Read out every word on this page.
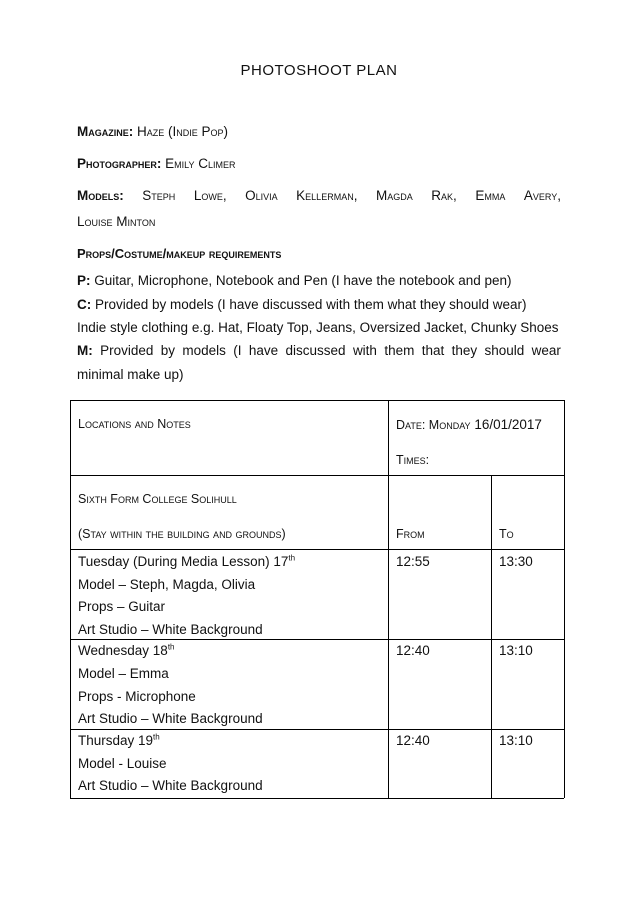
PHOTOSHOOT PLAN
Magazine: Haze (Indie Pop)
Photographer: Emily Climer
Models: Steph Lowe, Olivia Kellerman, Magda Rak, Emma Avery,
Louise Minton
Props/Costume/makeup requirements
P: Guitar, Microphone, Notebook and Pen (I have the notebook and pen)
C: Provided by models (I have discussed with them what they should wear)
Indie style clothing e.g. Hat, Floaty Top, Jeans, Oversized Jacket, Chunky Shoes
M: Provided by models (I have discussed with them that they should wear
minimal make up)
Locations and Notes	Date: Monday 16/01/2017
Times:
Sixth Form College Solihull
(Stay within the building and grounds)	From	To
Tuesday (During Media Lesson) 17th
Model – Steph, Magda, Olivia
Props – Guitar
Art Studio – White Background
12:55	13:30
Wednesday 18th
Model – Emma
Props - Microphone
Art Studio – White Background
12:40	13:10
Thursday 19th
Model - Louise
Art Studio – White Background
12:40	13:10
